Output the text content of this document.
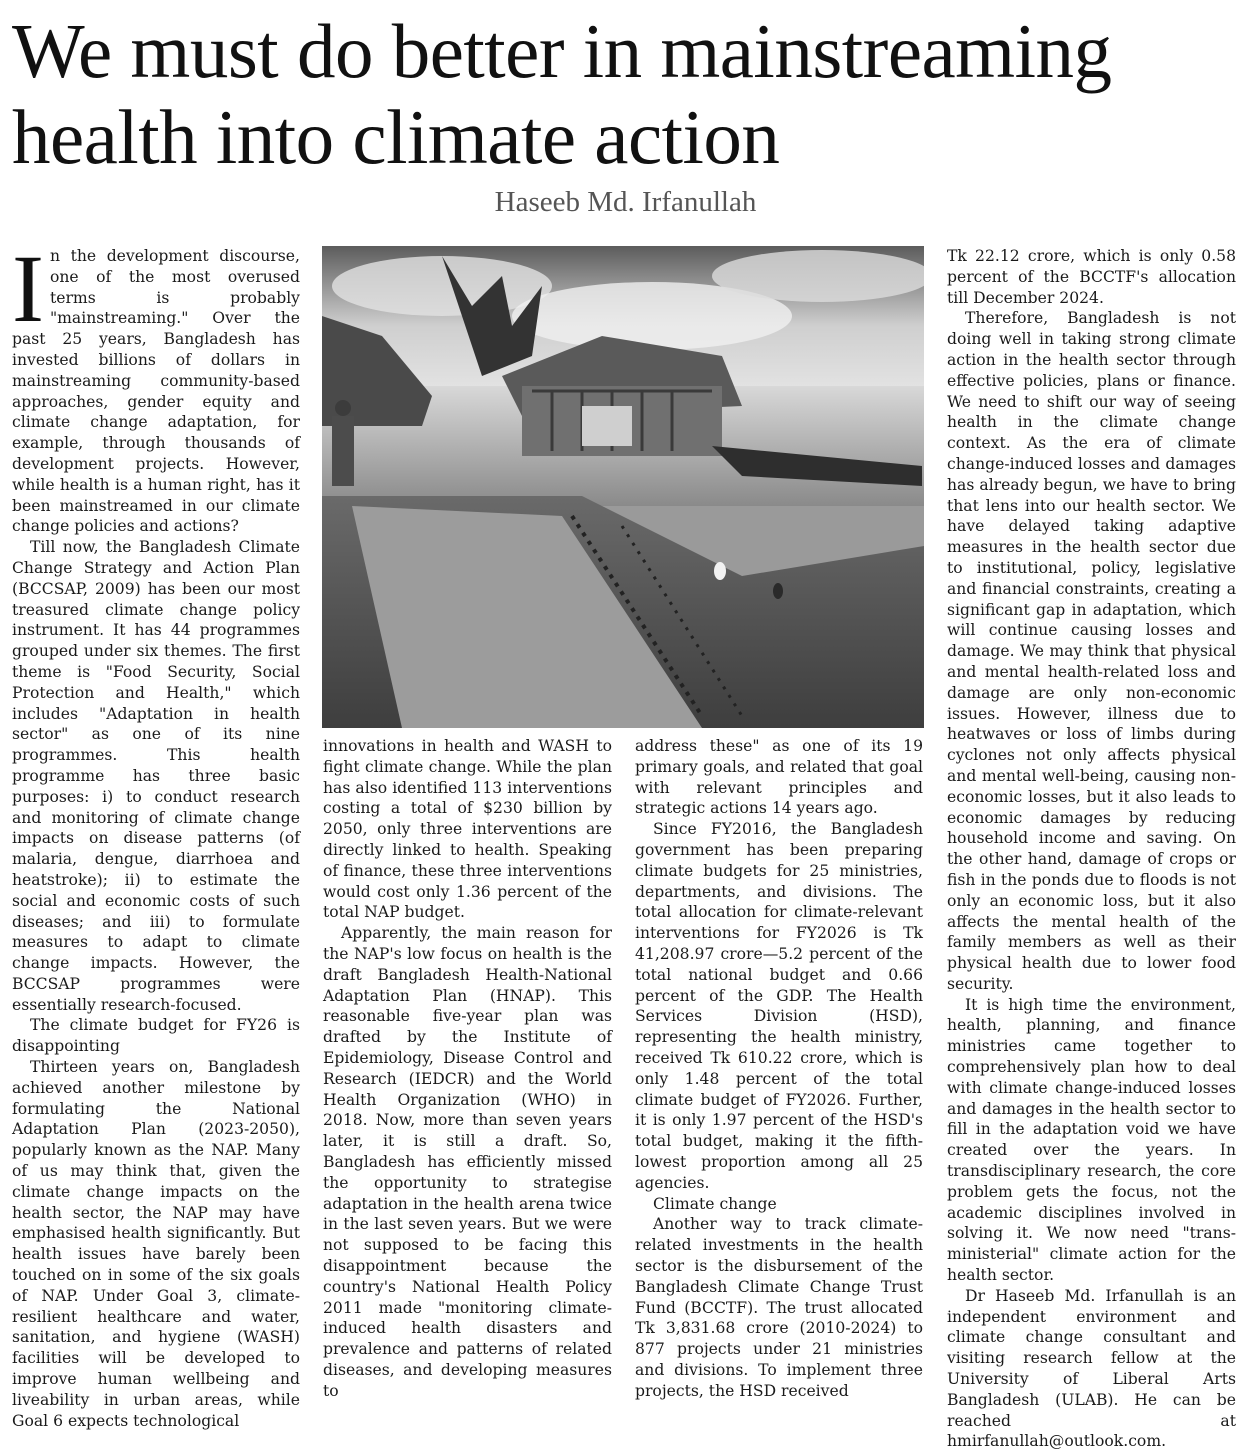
We must do better in mainstreaming
health into climate action
Haseeb Md. Irfanullah

In the development discourse, one of the most overused terms is probably "mainstreaming." Over the past 25 years, Bangladesh has invested billions of dollars in mainstreaming community-based approaches, gender equity and climate change adaptation, for example, through thousands of development projects. However, while health is a human right, has it been mainstreamed in our climate change policies and actions?

Till now, the Bangladesh Climate Change Strategy and Action Plan (BCCSAP, 2009) has been our most treasured climate change policy instrument. It has 44 programmes grouped under six themes. The first theme is "Food Security, Social Protection and Health," which includes "Adaptation in health sector" as one of its nine programmes. This health programme has three basic purposes: i) to conduct research and monitoring of climate change impacts on disease patterns (of malaria, dengue, diarrhoea and heatstroke); ii) to estimate the social and economic costs of such diseases; and iii) to formulate measures to adapt to climate change impacts. However, the BCCSAP programmes were essentially research-focused.

The climate budget for FY26 is disappointing

Thirteen years on, Bangladesh achieved another milestone by formulating the National Adaptation Plan (2023-2050), popularly known as the NAP. Many of us may think that, given the climate change impacts on the health sector, the NAP may have emphasised health significantly. But health issues have barely been touched on in some of the six goals of NAP. Under Goal 3, climate-resilient healthcare and water, sanitation, and hygiene (WASH) facilities will be developed to improve human wellbeing and liveability in urban areas, while Goal 6 expects technological

innovations in health and WASH to fight climate change. While the plan has also identified 113 interventions costing a total of $230 billion by 2050, only three interventions are directly linked to health. Speaking of finance, these three interventions would cost only 1.36 percent of the total NAP budget.

Apparently, the main reason for the NAP's low focus on health is the draft Bangladesh Health-National Adaptation Plan (HNAP). This reasonable five-year plan was drafted by the Institute of Epidemiology, Disease Control and Research (IEDCR) and the World Health Organization (WHO) in 2018. Now, more than seven years later, it is still a draft. So, Bangladesh has efficiently missed the opportunity to strategise adaptation in the health arena twice in the last seven years. But we were not supposed to be facing this disappointment because the country's National Health Policy 2011 made "monitoring climate-induced health disasters and prevalence and patterns of related diseases, and developing measures to

address these" as one of its 19 primary goals, and related that goal with relevant principles and strategic actions 14 years ago.

Since FY2016, the Bangladesh government has been preparing climate budgets for 25 ministries, departments, and divisions. The total allocation for climate-relevant interventions for FY2026 is Tk 41,208.97 crore—5.2 percent of the total national budget and 0.66 percent of the GDP. The Health Services Division (HSD), representing the health ministry, received Tk 610.22 crore, which is only 1.48 percent of the total climate budget of FY2026. Further, it is only 1.97 percent of the HSD's total budget, making it the fifth-lowest proportion among all 25 agencies.

Climate change

Another way to track climate-related investments in the health sector is the disbursement of the Bangladesh Climate Change Trust Fund (BCCTF). The trust allocated Tk 3,831.68 crore (2010-2024) to 877 projects under 21 ministries and divisions. To implement three projects, the HSD received

Tk 22.12 crore, which is only 0.58 percent of the BCCTF's allocation till December 2024.

Therefore, Bangladesh is not doing well in taking strong climate action in the health sector through effective policies, plans or finance. We need to shift our way of seeing health in the climate change context. As the era of climate change-induced losses and damages has already begun, we have to bring that lens into our health sector. We have delayed taking adaptive measures in the health sector due to institutional, policy, legislative and financial constraints, creating a significant gap in adaptation, which will continue causing losses and damage. We may think that physical and mental health-related loss and damage are only non-economic issues. However, illness due to heatwaves or loss of limbs during cyclones not only affects physical and mental well-being, causing non-economic losses, but it also leads to economic damages by reducing household income and saving. On the other hand, damage of crops or fish in the ponds due to floods is not only an economic loss, but it also affects the mental health of the family members as well as their physical health due to lower food security.

It is high time the environment, health, planning, and finance ministries came together to comprehensively plan how to deal with climate change-induced losses and damages in the health sector to fill in the adaptation void we have created over the years. In transdisciplinary research, the core problem gets the focus, not the academic disciplines involved in solving it. We now need "trans-ministerial" climate action for the health sector.

Dr Haseeb Md. Irfanullah is an independent environment and climate change consultant and visiting research fellow at the University of Liberal Arts Bangladesh (ULAB). He can be reached at hmirfanullah@outlook.com.
